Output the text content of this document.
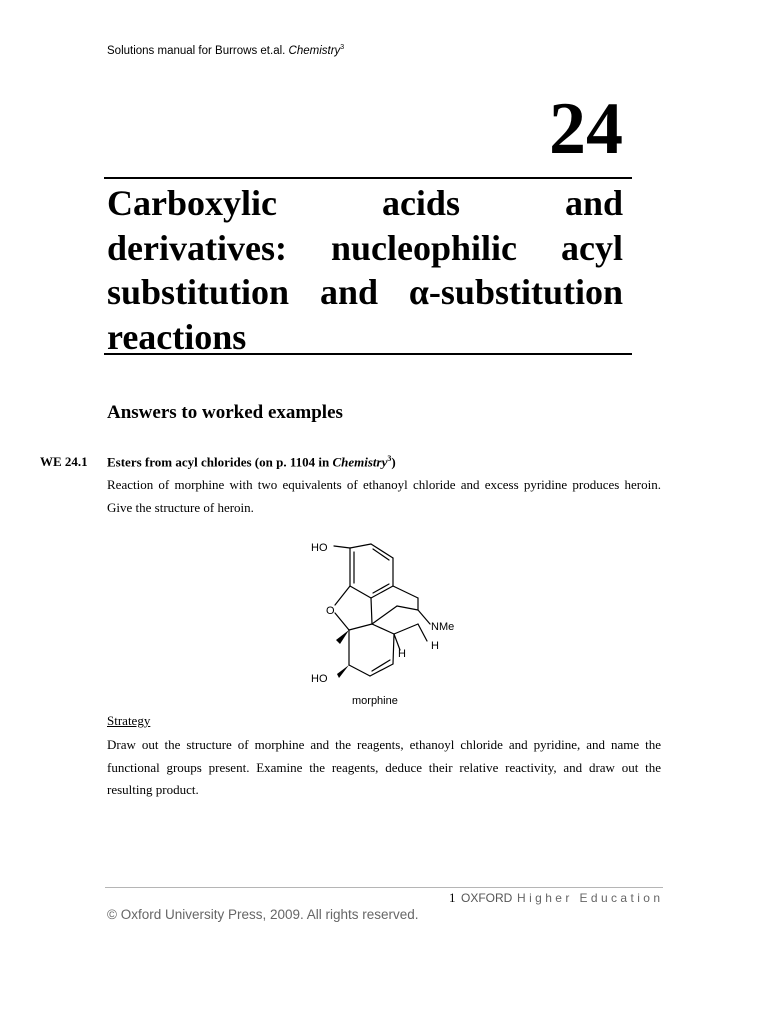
Solutions manual for Burrows et.al. Chemistry$^3$
24
Carboxylic	acids	and
derivatives: nucleophilic acyl
substitution and α-substitution
reactions
Answers to worked examples
WE 24.1 Esters from acyl chlorides (on p. 1104 in Chemistry$^3$)
Reaction of morphine with two equivalents of ethanoyl chloride and excess pyridine produces heroin. Give the structure of heroin.
HO
O
NMe
H
H
HO
morphine
Strategy
Draw out the structure of morphine and the reagents, ethanoyl chloride and pyridine, and name the functional groups present. Examine the reagents, deduce their relative reactivity, and draw out the resulting product.
1 OXFORD Higher Education
© Oxford University Press, 2009. All rights reserved.
